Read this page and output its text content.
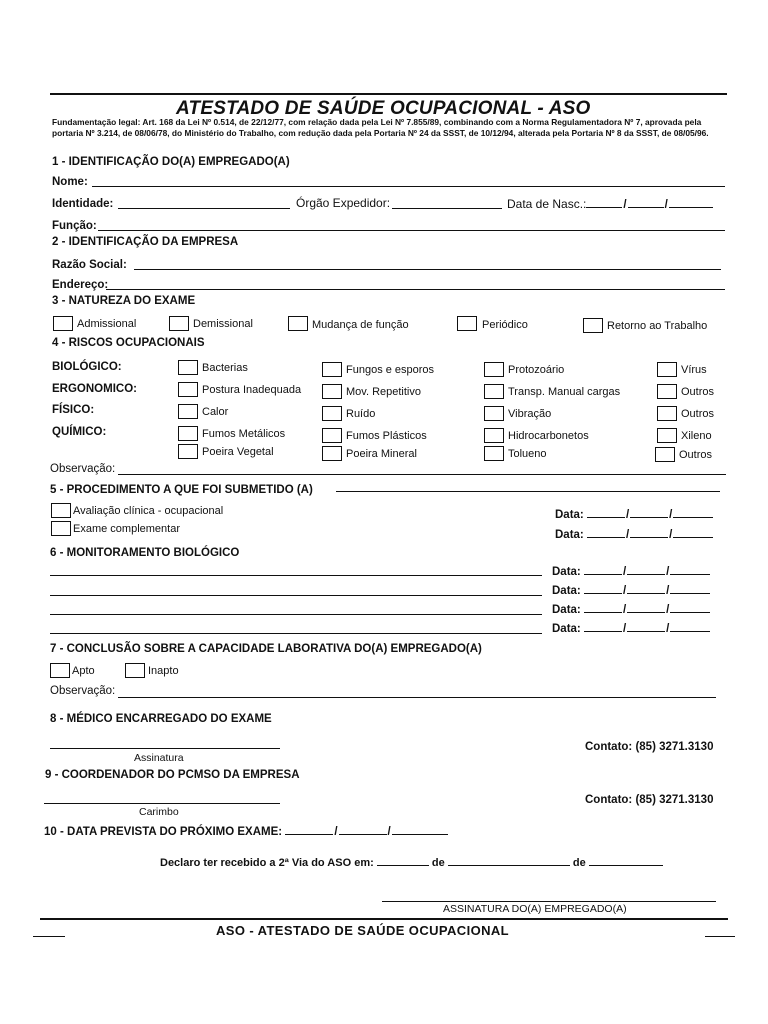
ATESTADO DE SAÚDE OCUPACIONAL - ASO
Fundamentação legal: Art. 168 da Lei Nº 0.514, de 22/12/77, com relação dada pela Lei Nº 7.855/89, combinando com a Norma Regulamentadora Nº 7, aprovada pela portaria Nº 3.214, de 08/06/78, do Ministério do Trabalho, com redução dada pela Portaria Nº 24 da SSST, de 10/12/94, alterada pela Portaria Nº 8 da SSST, de 08/05/96.
1 - IDENTIFICAÇÃO DO(A) EMPREGADO(A)
Nome:
Identidade:	Órgão Expedidor:	Data de Nasc.:	/	/
Função:
2 - IDENTIFICAÇÃO DA EMPRESA
Razão Social:
Endereço:
3 - NATUREZA DO EXAME
Admissional	Demissional	Mudança de função	Periódico	Retorno ao Trabalho
4 - RISCOS OCUPACIONAIS
BIOLÓGICO:	Bacterias	Fungos e esporos	Protozoário	Vírus
ERGONOMICO:	Postura Inadequada	Mov. Repetitivo	Transp. Manual cargas	Outros
FÍSICO:	Calor	Ruído	Vibração	Outros
QUÍMICO:	Fumos Metálicos	Fumos Plásticos	Hidrocarbonetos	Xileno
Poeira Vegetal	Poeira Mineral	Tolueno	Outros
Observação:
5 - PROCEDIMENTO A QUE FOI SUBMETIDO (A)
Avaliação clínica - ocupacional
Exame complementar
Data:	/	/
Data:	/	/
6 - MONITORAMENTO BIOLÓGICO
Data:	/	/
Data:	/	/
Data:	/	/
Data:	/	/
7 - CONCLUSÃO SOBRE A CAPACIDADE LABORATIVA DO(A) EMPREGADO(A)
Apto	Inapto
Observação:
8 - MÉDICO ENCARREGADO DO EXAME
Assinatura
Contato: (85) 3271.3130
9 - COORDENADOR DO PCMSO DA EMPRESA
Carimbo
Contato: (85) 3271.3130
10 - DATA PREVISTA DO PRÓXIMO EXAME:	/	/
Declaro ter recebido a 2ª Via do ASO em:	de	de
ASSINATURA DO(A) EMPREGADO(A)
ASO - ATESTADO DE SAÚDE OCUPACIONAL
